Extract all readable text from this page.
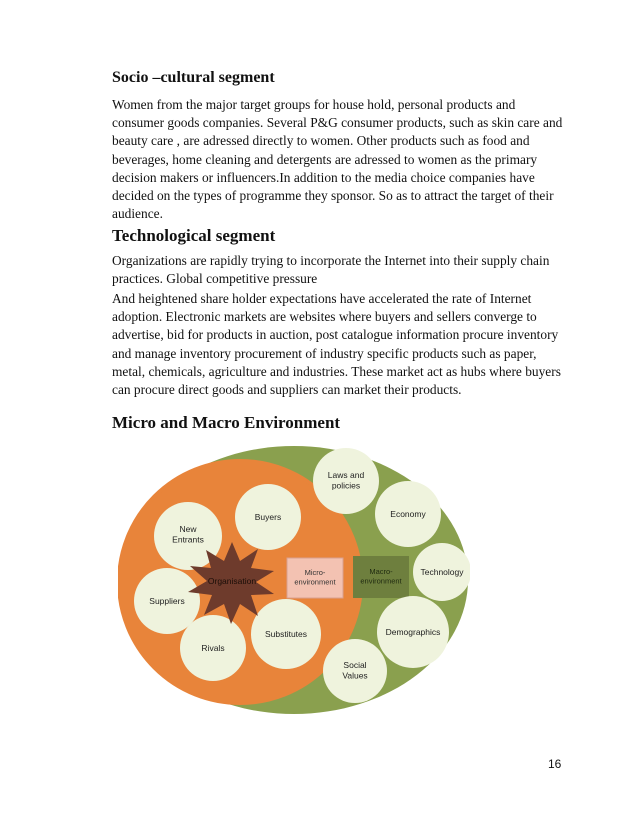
Socio –cultural segment

Women from the major target groups for house hold, personal products and consumer goods companies. Several P&G consumer products, such as skin care and beauty care , are adressed directly to women. Other products such as food and beverages, home cleaning and detergents are adressed to women as the primary decision makers or influencers.In addition to the media choice companies have decided on the types of programme they sponsor. So as to attract the target of their audience.

Technological segment

Organizations are rapidly trying to incorporate the Internet into their supply chain practices. Global competitive pressure

And heightened share holder expectations have accelerated the rate of Internet adoption. Electronic markets are websites where buyers and sellers converge to advertise, bid for products in auction, post catalogue information procure inventory and manage inventory procurement of industry specific products such as paper, metal, chemicals, agriculture and industries. These market act as hubs where buyers can procure direct goods and suppliers can market their products.

Micro and Macro Environment
New Entrants
Buyers
Suppliers
Rivals
Substitutes
Organisation
Micro-environment
Macro-environment
Laws and policies
Economy
Technology
Demographics
Social Values
16
